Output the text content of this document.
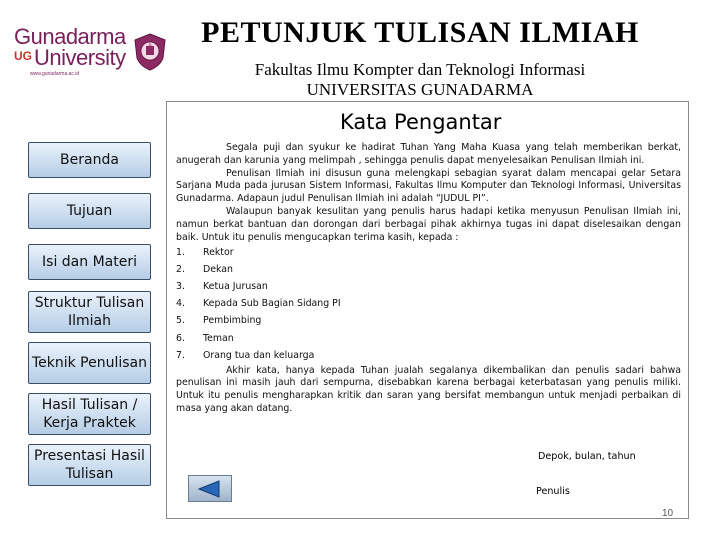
Gunadarma
UG University
www.gunadarma.ac.id
PETUNJUK TULISAN ILMIAH
Fakultas Ilmu Kompter dan Teknologi Informasi
UNIVERSITAS GUNADARMA
Kata Pengantar
Beranda
Tujuan
Isi dan Materi
Struktur Tulisan Ilmiah
Teknik Penulisan
Hasil Tulisan / Kerja Praktek
Presentasi Hasil Tulisan

Segala puji dan syukur ke hadirat Tuhan Yang Maha Kuasa yang telah memberikan berkat, anugerah dan karunia yang melimpah , sehingga penulis dapat menyelesaikan Penulisan Ilmiah ini.

Penulisan Ilmiah ini disusun guna melengkapi sebagian syarat dalam mencapai gelar Setara Sarjana Muda pada jurusan Sistem Informasi, Fakultas Ilmu Komputer dan Teknologi Informasi, Universitas Gunadarma. Adapaun judul Penulisan Ilmiah ini adalah “JUDUL PI”.

Walaupun banyak kesulitan yang penulis harus hadapi ketika menyusun Penulisan Ilmiah ini, namun berkat bantuan dan dorongan dari berbagai pihak akhirnya tugas ini dapat diselesaikan dengan baik. Untuk itu penulis mengucapkan terima kasih, kepada :

1.	Rektor
2.	Dekan
3.	Ketua Jurusan
4.	Kepada Sub Bagian Sidang PI
5.	Pembimbing
6.	Teman
7.	Orang tua dan keluarga

Akhir kata, hanya kepada Tuhan jualah segalanya dikembalikan dan penulis sadari bahwa penulisan ini masih jauh dari sempurna, disebabkan karena berbagai keterbatasan yang penulis miliki. Untuk itu penulis mengharapkan kritik dan saran yang bersifat membangun untuk menjadi perbaikan di masa yang akan datang.

Depok, bulan, tahun
Penulis
10
